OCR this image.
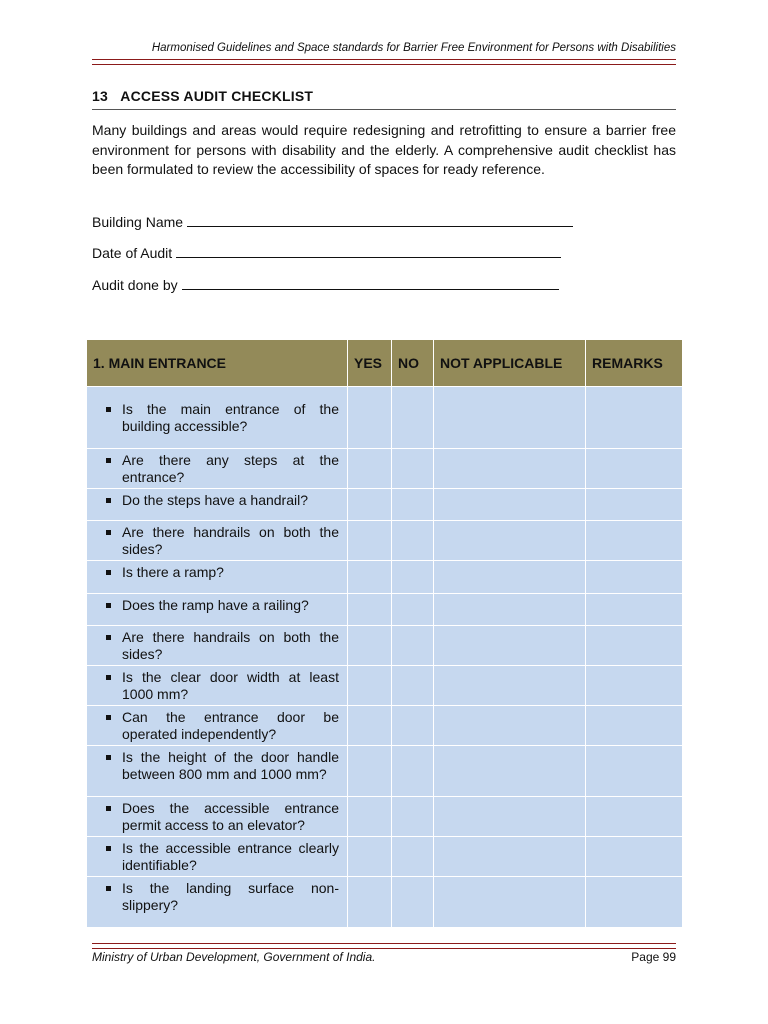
Harmonised Guidelines and Space standards for Barrier Free Environment for Persons with Disabilities
13 ACCESS AUDIT CHECKLIST

Many buildings and areas would require redesigning and retrofitting to ensure a barrier free environment for persons with disability and the elderly. A comprehensive audit checklist has been formulated to review the accessibility of spaces for ready reference.

Building Name
Date of Audit
Audit done by
1. MAIN ENTRANCE	YES	NO	NOT APPLICABLE	REMARKS

Is the main entrance of the building accessible?				

Are there any steps at the entrance?				

Do the steps have a handrail?				

Are there handrails on both the sides?				

Is there a ramp?				

Does the ramp have a railing?				

Are there handrails on both the sides?				

Is the clear door width at least 1000 mm?				

Can the entrance door be operated independently?				

Is the height of the door handle between 800 mm and 1000 mm?				

Does the accessible entrance permit access to an elevator?				

Is the accessible entrance clearly identifiable?				

Is the landing surface non-slippery?				

Ministry of Urban Development, Government of India.	Page 99
